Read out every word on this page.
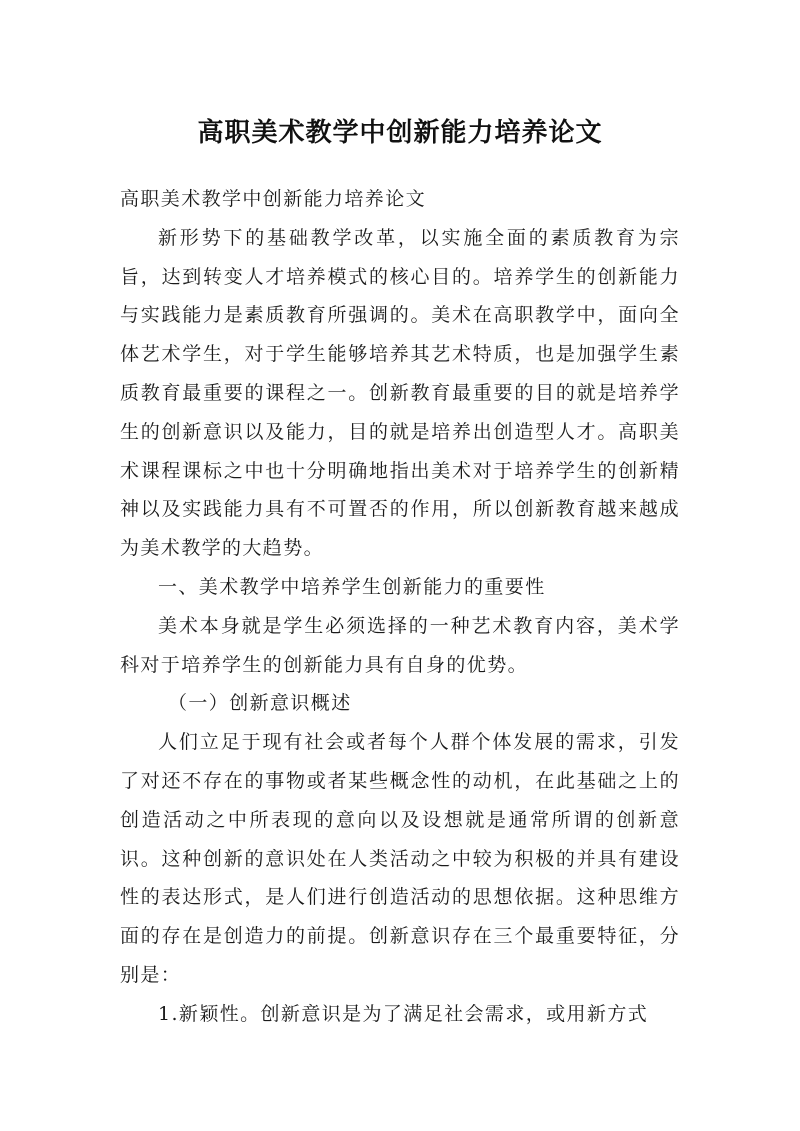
高职美术教学中创新能力培养论文

高职美术教学中创新能力培养论文

新形势下的基础教学改革，以实施全面的素质教育为宗旨，达到转变人才培养模式的核心目的。培养学生的创新能力与实践能力是素质教育所强调的。美术在高职教学中，面向全体艺术学生，对于学生能够培养其艺术特质，也是加强学生素质教育最重要的课程之一。创新教育最重要的目的就是培养学生的创新意识以及能力，目的就是培养出创造型人才。高职美术课程课标之中也十分明确地指出美术对于培养学生的创新精神以及实践能力具有不可置否的作用，所以创新教育越来越成为美术教学的大趋势。

一、美术教学中培养学生创新能力的重要性

美术本身就是学生必须选择的一种艺术教育内容，美术学科对于培养学生的创新能力具有自身的优势。

（一）创新意识概述

人们立足于现有社会或者每个人群个体发展的需求，引发了对还不存在的事物或者某些概念性的动机，在此基础之上的创造活动之中所表现的意向以及设想就是通常所谓的创新意识。这种创新的意识处在人类活动之中较为积极的并具有建设性的表达形式，是人们进行创造活动的思想依据。这种思维方面的存在是创造力的前提。创新意识存在三个最重要特征，分别是：

1.新颖性。创新意识是为了满足社会需求，或用新方式
